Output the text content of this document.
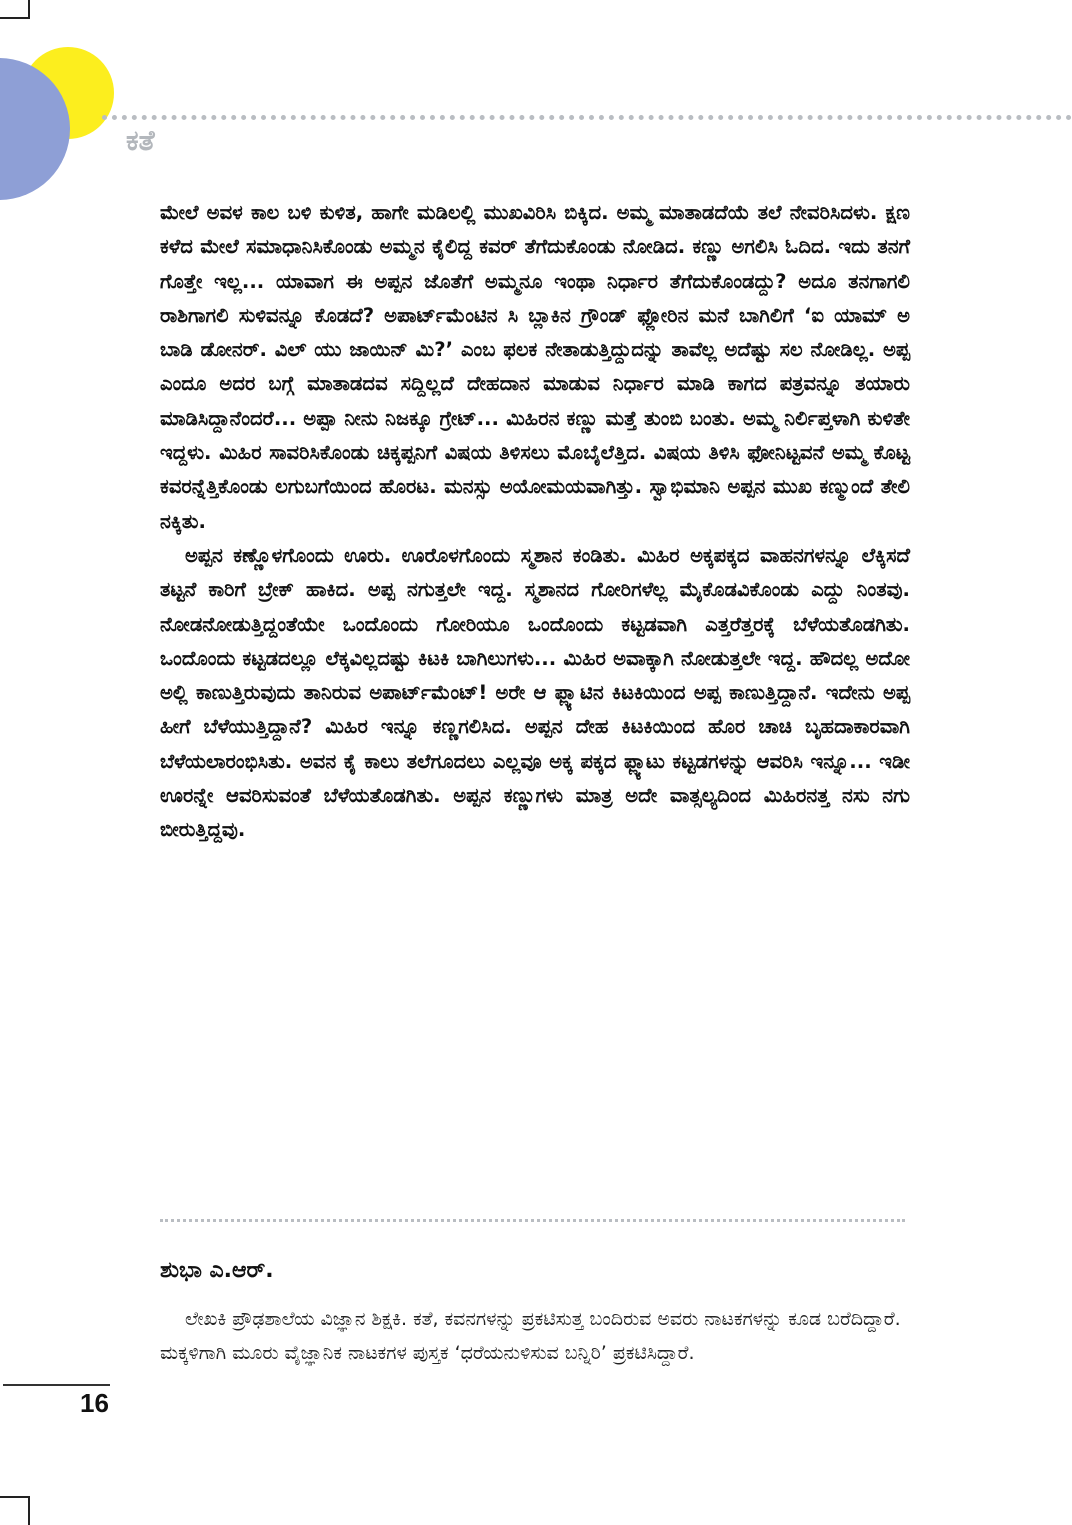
ಕತೆ

ಮೇಲೆ ಅವಳ ಕಾಲ ಬಳಿ ಕುಳಿತ, ಹಾಗೇ ಮಡಿಲಲ್ಲಿ ಮುಖವಿರಿಸಿ ಬಿಕ್ಕಿದ. ಅಮ್ಮ ಮಾತಾಡದೆಯೆ ತಲೆ ನೇವರಿಸಿದಳು. ಕ್ಷಣ ಕಳೆದ ಮೇಲೆ ಸಮಾಧಾನಿಸಿಕೊಂಡು ಅಮ್ಮನ ಕೈಲಿದ್ದ ಕವರ್ ತೆಗೆದುಕೊಂಡು ನೋಡಿದ. ಕಣ್ಣು ಅಗಲಿಸಿ ಓದಿದ. ಇದು ತನಗೆ ಗೊತ್ತೇ ಇಲ್ಲ... ಯಾವಾಗ ಈ ಅಪ್ಪನ ಜೊತೆಗೆ ಅಮ್ಮನೂ ಇಂಥಾ ನಿರ್ಧಾರ ತೆಗೆದುಕೊಂಡದ್ದು? ಅದೂ ತನಗಾಗಲಿ ರಾಶಿಗಾಗಲಿ ಸುಳಿವನ್ನೂ ಕೊಡದೆ? ಅಪಾರ್ಟ್‌ಮೆಂಟಿನ ಸಿ ಬ್ಲಾಕಿನ ಗ್ರೌಂಡ್ ಫ್ಲೋರಿನ ಮನೆ ಬಾಗಿಲಿಗೆ ‘ಐ ಯಾಮ್ ಅ ಬಾಡಿ ಡೋನರ್. ವಿಲ್ ಯು ಜಾಯಿನ್ ಮಿ?’ ಎಂಬ ಫಲಕ ನೇತಾಡುತ್ತಿದ್ದುದನ್ನು ತಾವೆಲ್ಲ ಅದೆಷ್ಟು ಸಲ ನೋಡಿಲ್ಲ. ಅಪ್ಪ ಎಂದೂ ಅದರ ಬಗ್ಗೆ ಮಾತಾಡದವ ಸದ್ದಿಲ್ಲದೆ ದೇಹದಾನ ಮಾಡುವ ನಿರ್ಧಾರ ಮಾಡಿ ಕಾಗದ ಪತ್ರವನ್ನೂ ತಯಾರು ಮಾಡಿಸಿದ್ದಾನೆಂದರೆ... ಅಪ್ಪಾ ನೀನು ನಿಜಕ್ಕೂ ಗ್ರೇಟ್... ಮಿಹಿರನ ಕಣ್ಣು ಮತ್ತೆ ತುಂಬಿ ಬಂತು. ಅಮ್ಮ ನಿರ್ಲಿಪ್ತಳಾಗಿ ಕುಳಿತೇ ಇದ್ದಳು. ಮಿಹಿರ ಸಾವರಿಸಿಕೊಂಡು ಚಿಕ್ಕಪ್ಪನಿಗೆ ವಿಷಯ ತಿಳಿಸಲು ಮೊಬೈಲೆತ್ತಿದ. ವಿಷಯ ತಿಳಿಸಿ ಫೋನಿಟ್ಟವನೆ ಅಮ್ಮ ಕೊಟ್ಟ ಕವರನ್ನೆತ್ತಿಕೊಂಡು ಲಗುಬಗೆಯಿಂದ ಹೊರಟ. ಮನಸ್ಸು ಅಯೋಮಯವಾಗಿತ್ತು. ಸ್ವಾಭಿಮಾನಿ ಅಪ್ಪನ ಮುಖ ಕಣ್ಮುಂದೆ ತೇಲಿ ನಕ್ಕಿತು.

ಅಪ್ಪನ ಕಣ್ಣೊಳಗೊಂದು ಊರು. ಊರೊಳಗೊಂದು ಸ್ಮಶಾನ ಕಂಡಿತು. ಮಿಹಿರ ಅಕ್ಕಪಕ್ಕದ ವಾಹನಗಳನ್ನೂ ಲೆಕ್ಕಿಸದೆ ತಟ್ಟನೆ ಕಾರಿಗೆ ಬ್ರೇಕ್ ಹಾಕಿದ. ಅಪ್ಪ ನಗುತ್ತಲೇ ಇದ್ದ. ಸ್ಮಶಾನದ ಗೋರಿಗಳೆಲ್ಲ ಮೈಕೊಡವಿಕೊಂಡು ಎದ್ದು ನಿಂತವು. ನೋಡನೋಡುತ್ತಿದ್ದಂತೆಯೇ ಒಂದೊಂದು ಗೋರಿಯೂ ಒಂದೊಂದು ಕಟ್ಟಡವಾಗಿ ಎತ್ತರೆತ್ತರಕ್ಕೆ ಬೆಳೆಯತೊಡಗಿತು. ಒಂದೊಂದು ಕಟ್ಟಡದಲ್ಲೂ ಲೆಕ್ಕವಿಲ್ಲದಷ್ಟು ಕಿಟಕಿ ಬಾಗಿಲುಗಳು... ಮಿಹಿರ ಅವಾಕ್ಕಾಗಿ ನೋಡುತ್ತಲೇ ಇದ್ದ. ಹೌದಲ್ಲ ಅದೋ ಅಲ್ಲಿ ಕಾಣುತ್ತಿರುವುದು ತಾನಿರುವ ಅಪಾರ್ಟ್‌ಮೆಂಟ್! ಅರೇ ಆ ಫ್ಲ್ಯಾಟಿನ ಕಿಟಕಿಯಿಂದ ಅಪ್ಪ ಕಾಣುತ್ತಿದ್ದಾನೆ. ಇದೇನು ಅಪ್ಪ ಹೀಗೆ ಬೆಳೆಯುತ್ತಿದ್ದಾನೆ? ಮಿಹಿರ ಇನ್ನೂ ಕಣ್ಣಗಲಿಸಿದ. ಅಪ್ಪನ ದೇಹ ಕಿಟಕಿಯಿಂದ ಹೊರ ಚಾಚಿ ಬೃಹದಾಕಾರವಾಗಿ ಬೆಳೆಯಲಾರಂಭಿಸಿತು. ಅವನ ಕೈ ಕಾಲು ತಲೆಗೂದಲು ಎಲ್ಲವೂ ಅಕ್ಕ ಪಕ್ಕದ ಫ್ಲ್ಯಾಟು ಕಟ್ಟಡಗಳನ್ನು ಆವರಿಸಿ ಇನ್ನೂ... ಇಡೀ ಊರನ್ನೇ ಆವರಿಸುವಂತೆ ಬೆಳೆಯತೊಡಗಿತು. ಅಪ್ಪನ ಕಣ್ಣುಗಳು ಮಾತ್ರ ಅದೇ ವಾತ್ಸಲ್ಯದಿಂದ ಮಿಹಿರನತ್ತ ನಸು ನಗು ಬೀರುತ್ತಿದ್ದವು.

ಶುಭಾ ಎ.ಆರ್.

ಲೇಖಕಿ ಪ್ರೌಢಶಾಲೆಯ ವಿಜ್ಞಾನ ಶಿಕ್ಷಕಿ. ಕತೆ, ಕವನಗಳನ್ನು ಪ್ರಕಟಿಸುತ್ತ ಬಂದಿರುವ ಅವರು ನಾಟಕಗಳನ್ನು ಕೂಡ ಬರೆದಿದ್ದಾರೆ. ಮಕ್ಕಳಿಗಾಗಿ ಮೂರು ವೈಜ್ಞಾನಿಕ ನಾಟಕಗಳ ಪುಸ್ತಕ ‘ಧರೆಯನುಳಿಸುವ ಬನ್ನಿರಿ’ ಪ್ರಕಟಿಸಿದ್ದಾರೆ.

16
